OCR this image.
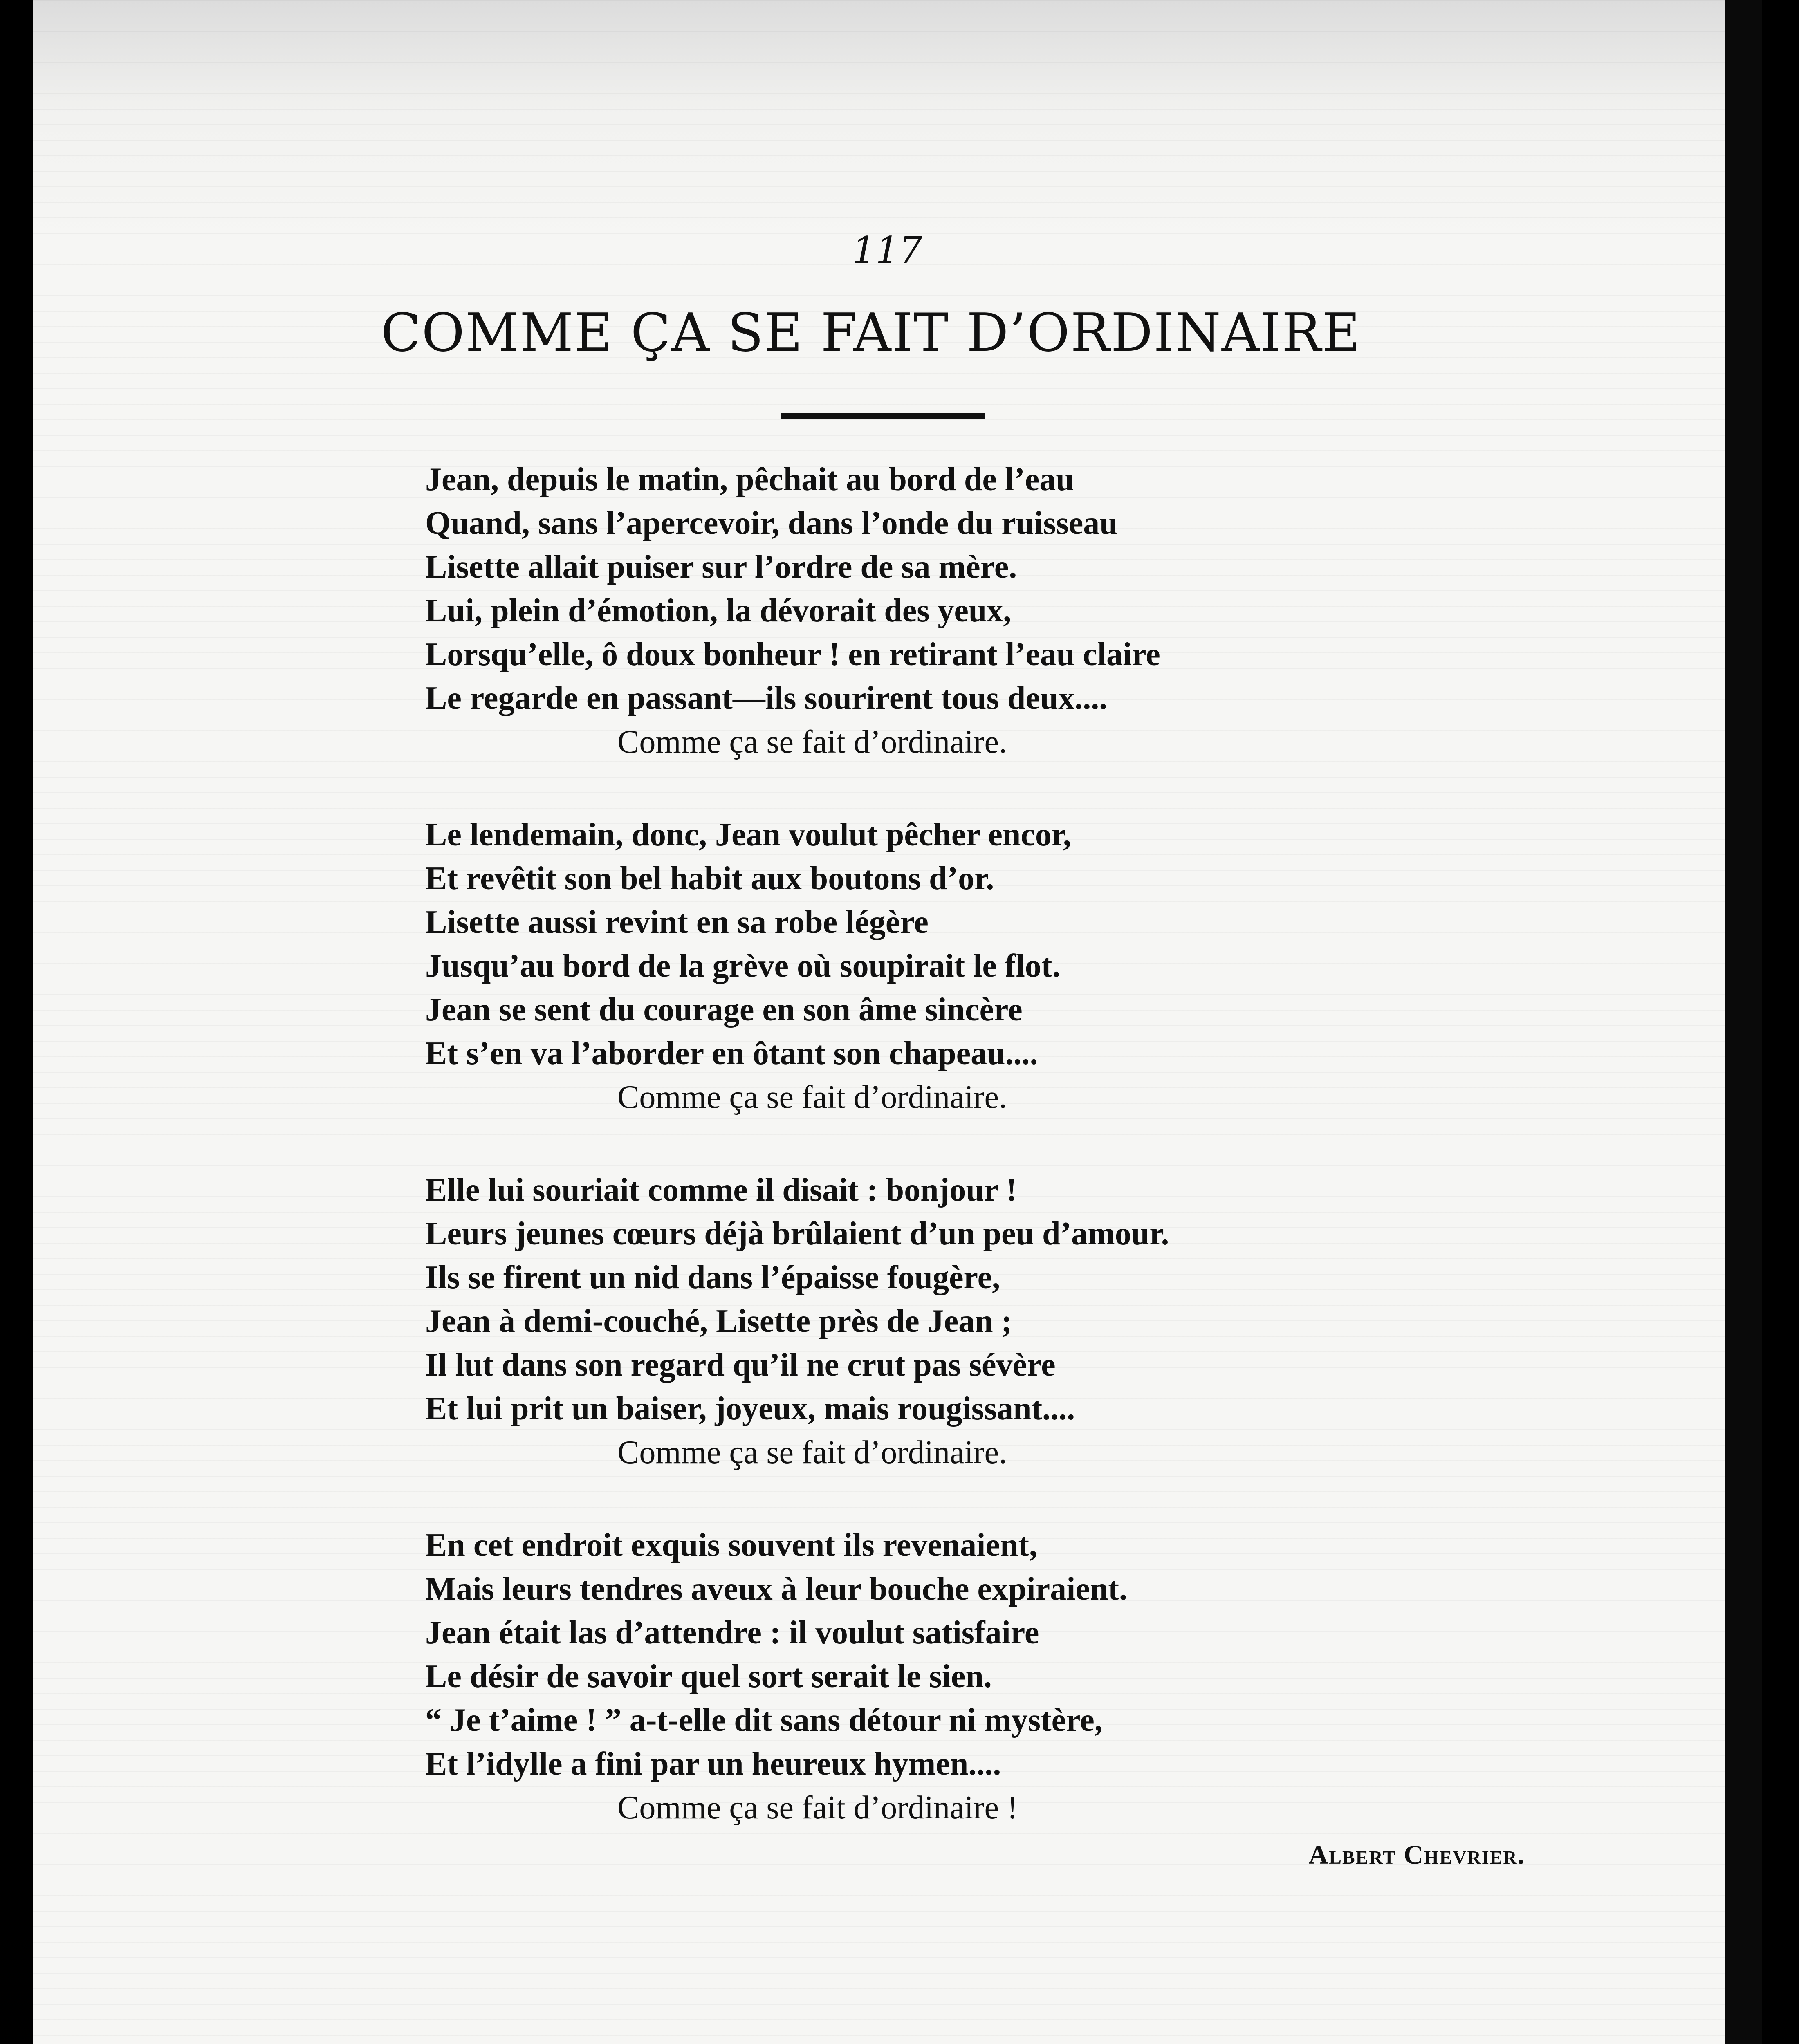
117
COMME ÇA SE FAIT D’ORDINAIRE
Jean, depuis le matin, pêchait au bord de l’eau
Quand, sans l’apercevoir, dans l’onde du ruisseau
Lisette allait puiser sur l’ordre de sa mère.
Lui, plein d’émotion, la dévorait des yeux,
Lorsqu’elle, ô doux bonheur ! en retirant l’eau claire
Le regarde en passant—ils sourirent tous deux....
Comme ça se fait d’ordinaire.
Le lendemain, donc, Jean voulut pêcher encor,
Et revêtit son bel habit aux boutons d’or.
Lisette aussi revint en sa robe légère
Jusqu’au bord de la grève où soupirait le flot.
Jean se sent du courage en son âme sincère
Et s’en va l’aborder en ôtant son chapeau....
Comme ça se fait d’ordinaire.
Elle lui souriait comme il disait : bonjour !
Leurs jeunes cœurs déjà brûlaient d’un peu d’amour.
Ils se firent un nid dans l’épaisse fougère,
Jean à demi-couché, Lisette près de Jean ;
Il lut dans son regard qu’il ne crut pas sévère
Et lui prit un baiser, joyeux, mais rougissant....
Comme ça se fait d’ordinaire.
En cet endroit exquis souvent ils revenaient,
Mais leurs tendres aveux à leur bouche expiraient.
Jean était las d’attendre : il voulut satisfaire
Le désir de savoir quel sort serait le sien.
“ Je t’aime ! ” a-t-elle dit sans détour ni mystère,
Et l’idylle a fini par un heureux hymen....
Comme ça se fait d’ordinaire !
Albert Chevrier.
